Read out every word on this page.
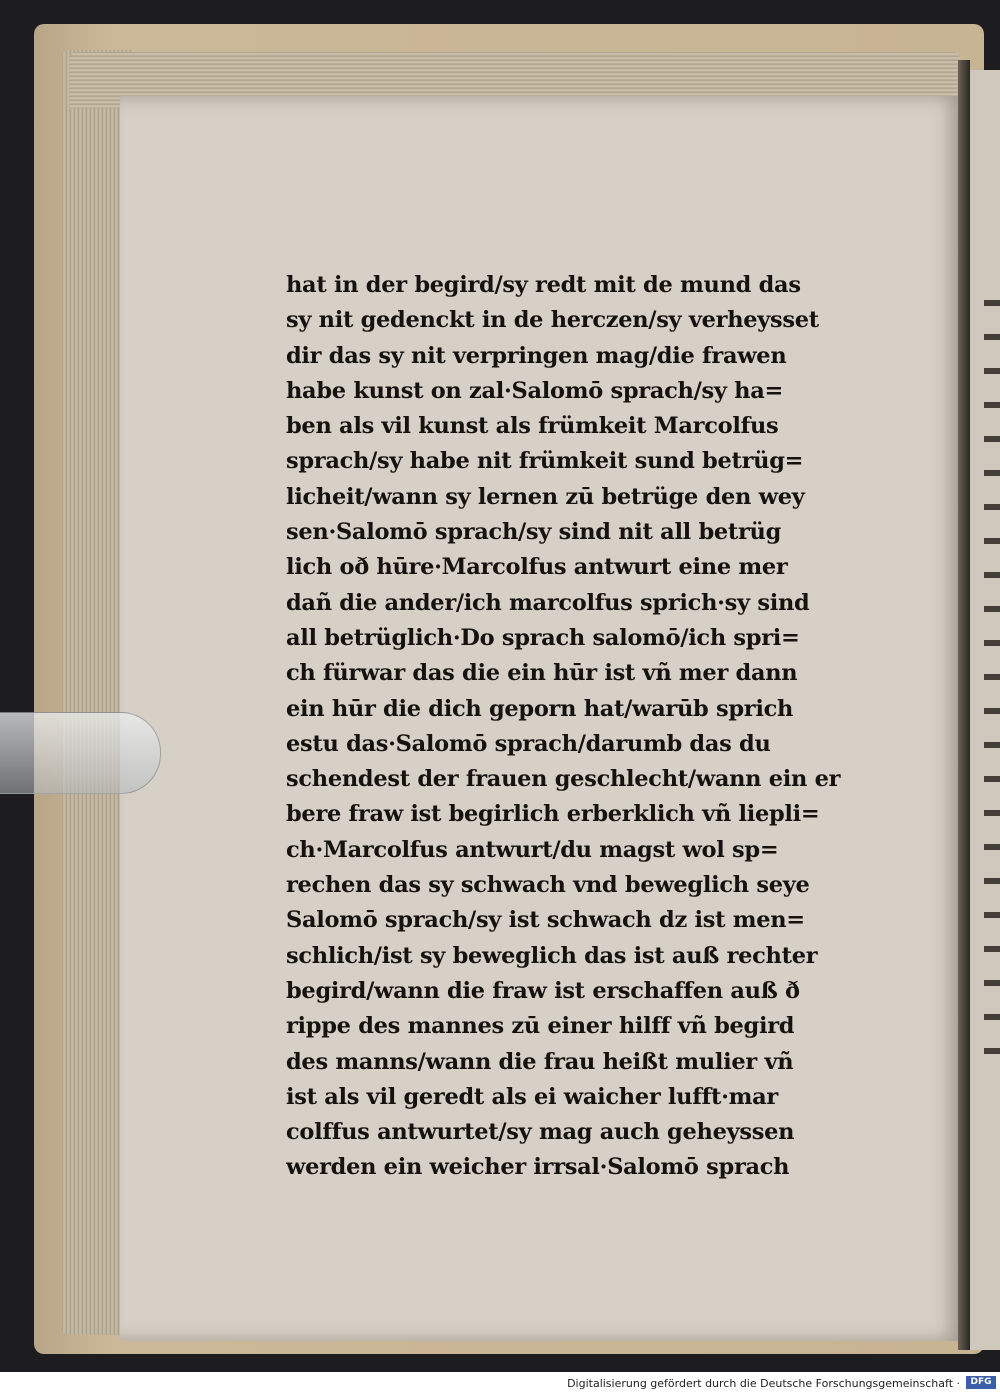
hat in der begird/sy redt mit de mund das
sy nit gedenckt in de herczen/sy verheysset
dir das sy nit verpringen mag/die frawen
habe kunst on zal·Salomō sprach/sy ha=
ben als vil kunst als frümkeit Marcolfus
sprach/sy habe nit frümkeit sund betrüg=
licheit/wann sy lernen zū betrüge den wey
sen·Salomō sprach/sy sind nit all betrüg
lich oð hūre·Marcolfus antwurt eine mer
dañ die ander/ich marcolfus sprich·sy sind
all betrüglich·Do sprach salomō/ich spri=
ch fürwar das die ein hūr ist vñ mer dann
ein hūr die dich geporn hat/warūb sprich
estu das·Salomō sprach/darumb das du
schendest der frauen geschlecht/wann ein er
bere fraw ist begirlich erberklich vñ liepli=
ch·Marcolfus antwurt/du magst wol sp=
rechen das sy schwach vnd beweglich seye
Salomō sprach/sy ist schwach dz ist men=
schlich/ist sy beweglich das ist auß rechter
begird/wann die fraw ist erschaffen auß ð
rippe des mannes zū einer hilff vñ begird
des manns/wann die frau heißt mulier vñ
ist als vil geredt als ei waicher lufft·mar
colffus antwurtet/sy mag auch geheyssen
werden ein weicher irrsal·Salomō sprach
Digitalisierung gefördert durch die Deutsche Forschungsgemeinschaft ·	DFG
